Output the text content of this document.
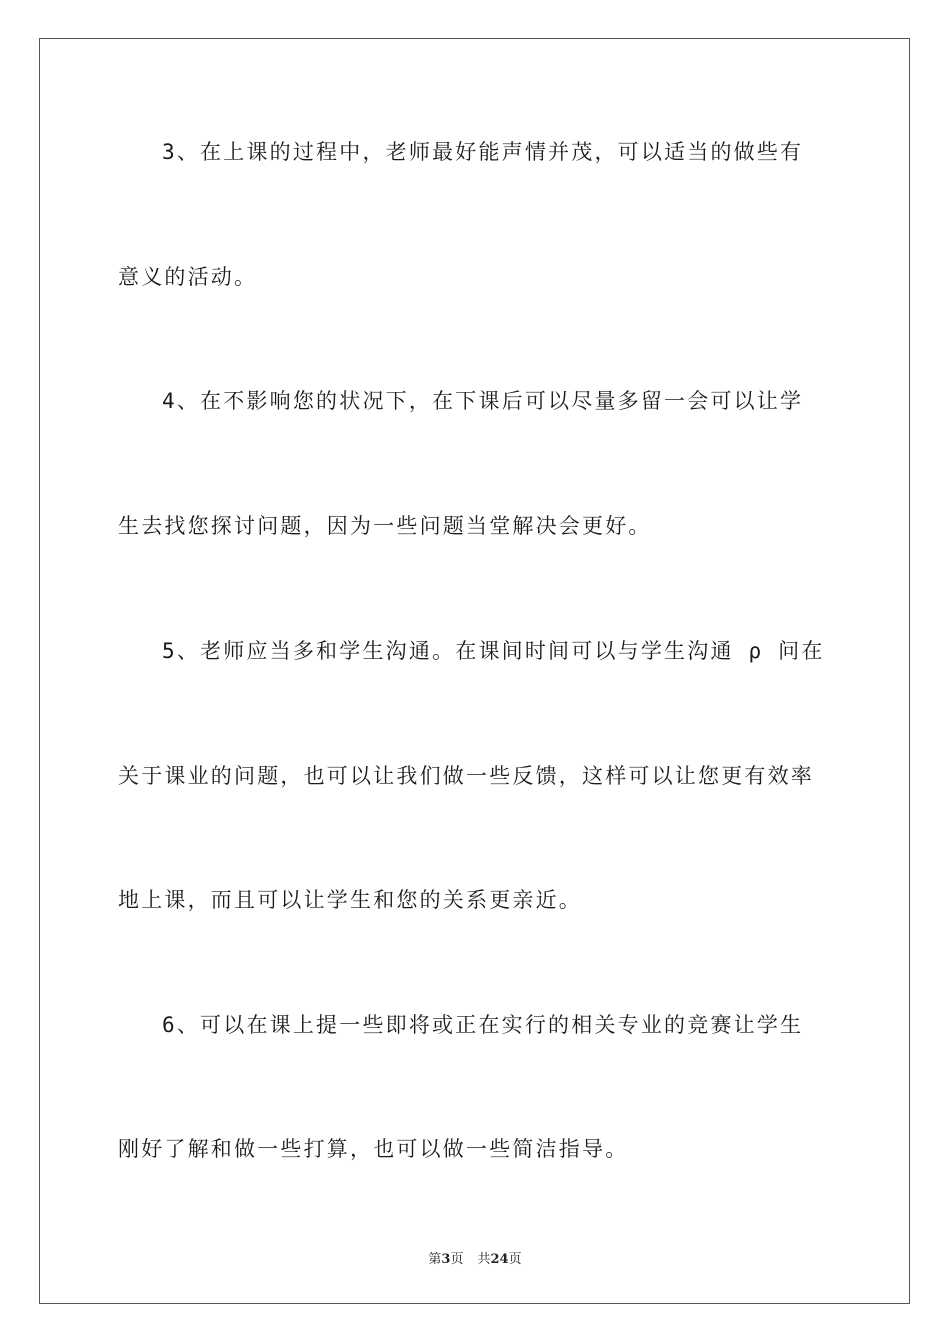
3、在上课的过程中，老师最好能声情并茂，可以适当的做些有
意义的活动。
4、在不影响您的状况下，在下课后可以尽量多留一会可以让学
生去找您探讨问题，因为一些问题当堂解决会更好。
5、老师应当多和学生沟通。在课间时间可以与学生沟通 ρ 问在
关于课业的问题，也可以让我们做一些反馈，这样可以让您更有效率
地上课，而且可以让学生和您的关系更亲近。
6、可以在课上提一些即将或正在实行的相关专业的竞赛让学生
刚好了解和做一些打算，也可以做一些简洁指导。
第3页 共24页
